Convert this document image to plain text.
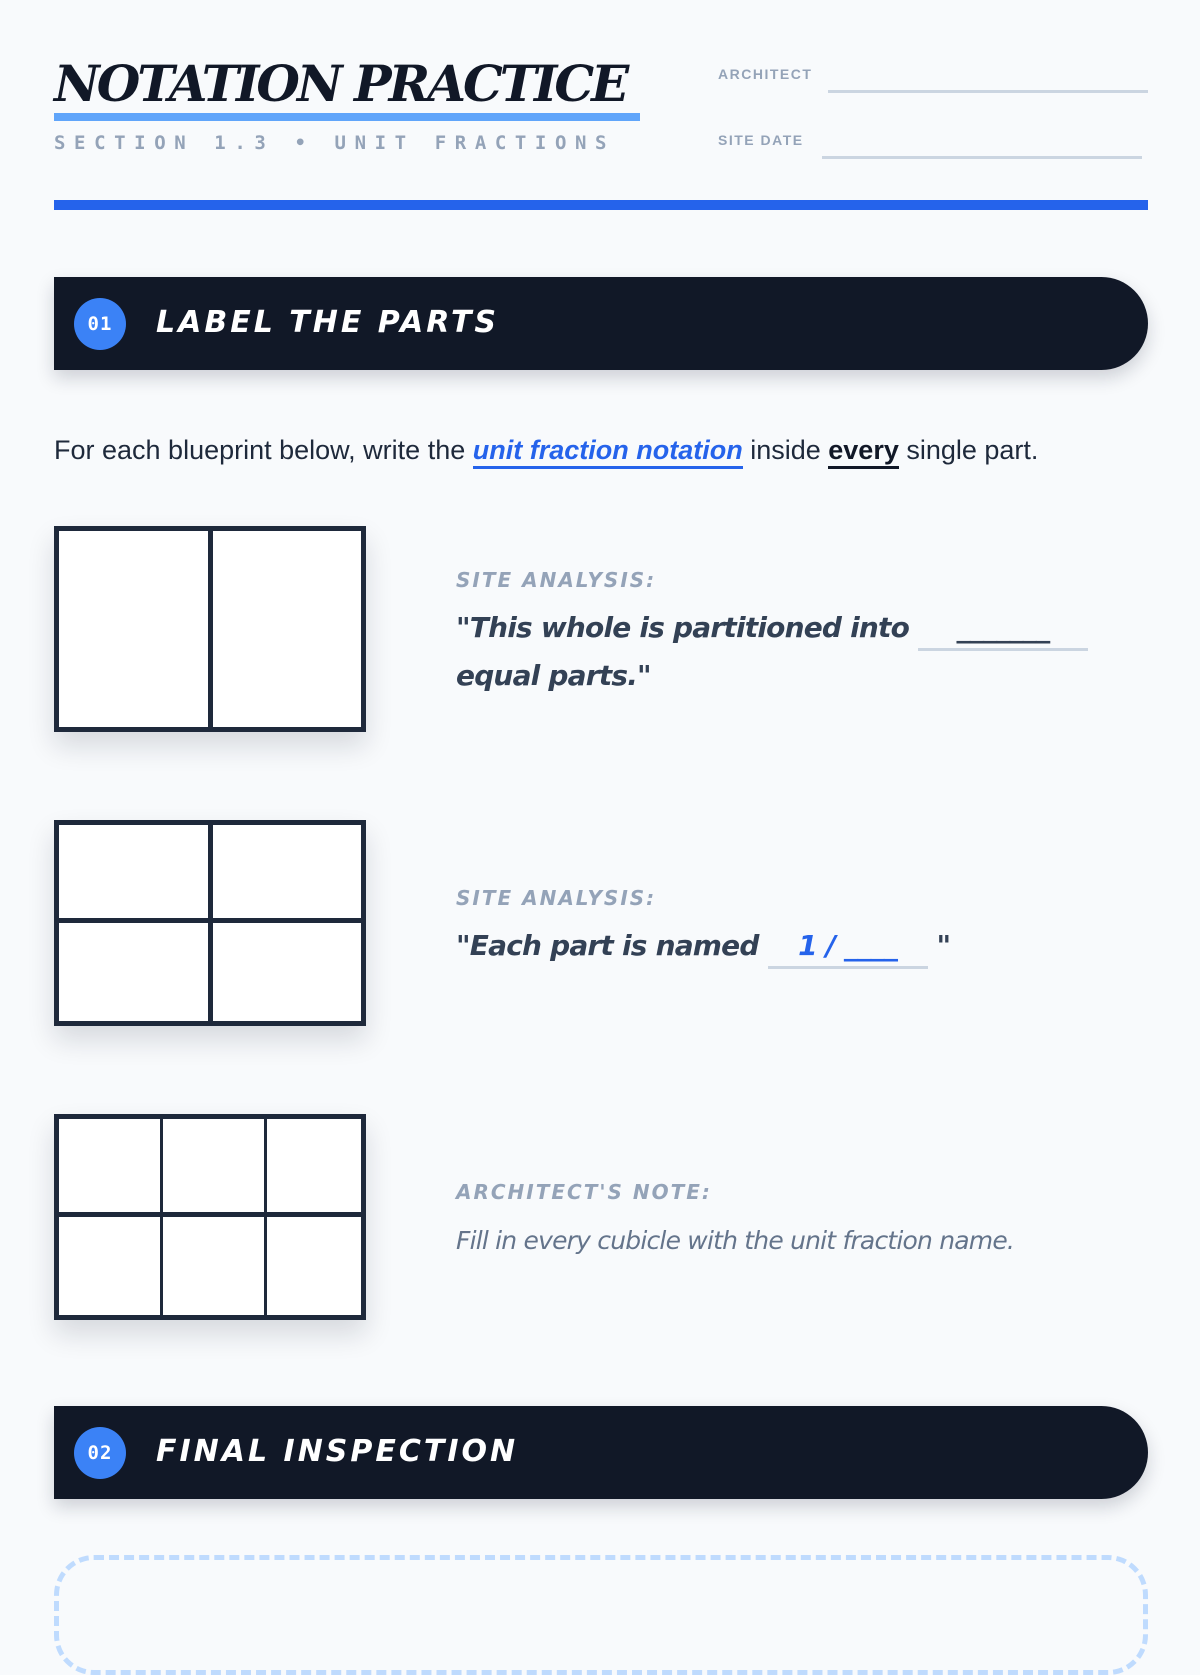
NOTATION PRACTICE
SECTION 1.3 • UNIT FRACTIONS
ARCHITECT
SITE DATE
01	LABEL THE PARTS
For each blueprint below, write the unit fraction notation inside every single part.
SITE ANALYSIS:
"This whole is partitioned into _______
equal parts."
SITE ANALYSIS:
"Each part is named 1 / ____ "
ARCHITECT'S NOTE:
Fill in every cubicle with the unit fraction name.
02	FINAL INSPECTION
